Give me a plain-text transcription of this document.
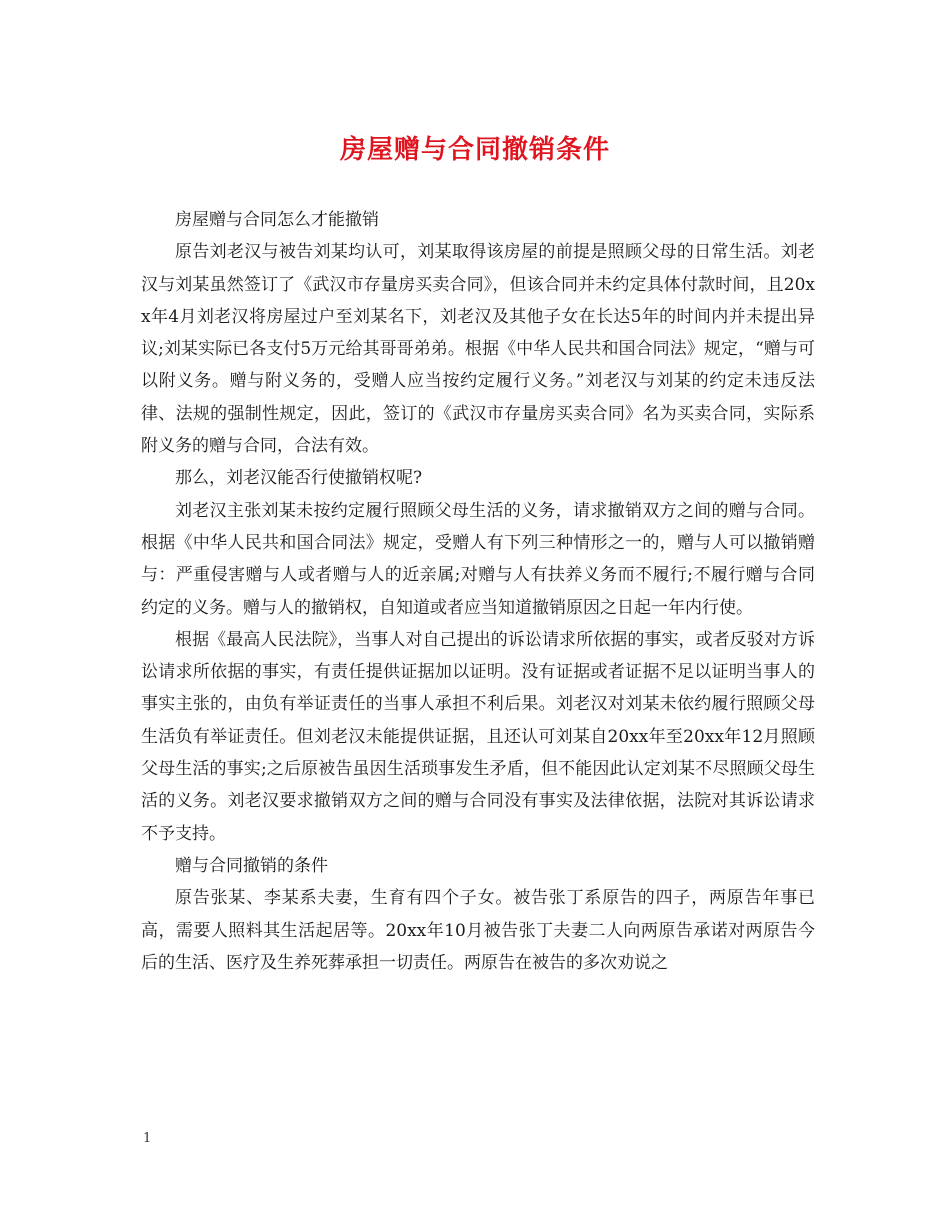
房屋赠与合同撤销条件

房屋赠与合同怎么才能撤销

原告刘老汉与被告刘某均认可，刘某取得该房屋的前提是照顾父母的日常生活。刘老汉与刘某虽然签订了《武汉市存量房买卖合同》，但该合同并未约定具体付款时间，且20xx年4月刘老汉将房屋过户至刘某名下，刘老汉及其他子女在长达5年的时间内并未提出异议;刘某实际已各支付5万元给其哥哥弟弟。根据《中华人民共和国合同法》规定，“赠与可以附义务。赠与附义务的，受赠人应当按约定履行义务。”刘老汉与刘某的约定未违反法律、法规的强制性规定，因此，签订的《武汉市存量房买卖合同》名为买卖合同，实际系附义务的赠与合同，合法有效。

那么，刘老汉能否行使撤销权呢?

刘老汉主张刘某未按约定履行照顾父母生活的义务，请求撤销双方之间的赠与合同。根据《中华人民共和国合同法》规定，受赠人有下列三种情形之一的，赠与人可以撤销赠与：严重侵害赠与人或者赠与人的近亲属;对赠与人有扶养义务而不履行;不履行赠与合同约定的义务。赠与人的撤销权，自知道或者应当知道撤销原因之日起一年内行使。

根据《最高人民法院》，当事人对自己提出的诉讼请求所依据的事实，或者反驳对方诉讼请求所依据的事实，有责任提供证据加以证明。没有证据或者证据不足以证明当事人的事实主张的，由负有举证责任的当事人承担不利后果。刘老汉对刘某未依约履行照顾父母生活负有举证责任。但刘老汉未能提供证据，且还认可刘某自20xx年至20xx年12月照顾父母生活的事实;之后原被告虽因生活琐事发生矛盾，但不能因此认定刘某不尽照顾父母生活的义务。刘老汉要求撤销双方之间的赠与合同没有事实及法律依据，法院对其诉讼请求不予支持。

赠与合同撤销的条件

原告张某、李某系夫妻，生育有四个子女。被告张丁系原告的四子，两原告年事已高，需要人照料其生活起居等。20xx年10月被告张丁夫妻二人向两原告承诺对两原告今后的生活、医疗及生养死葬承担一切责任。两原告在被告的多次劝说之

1
